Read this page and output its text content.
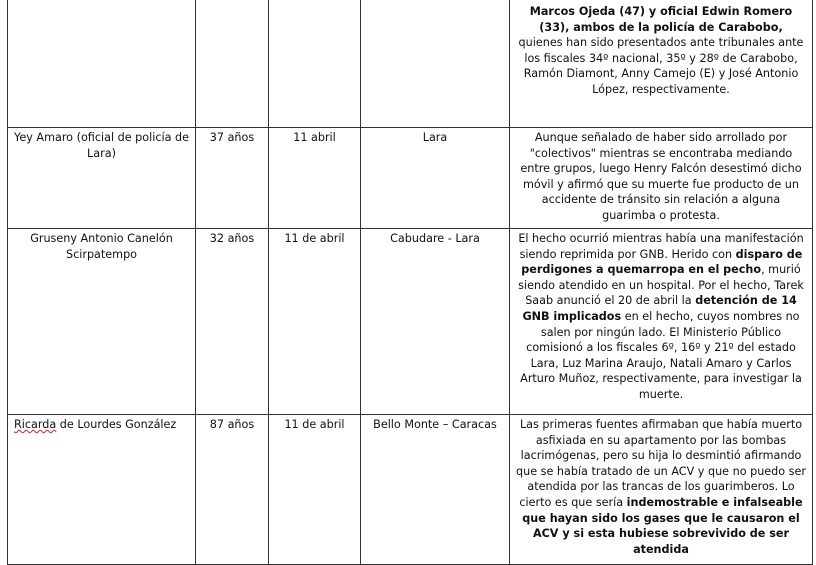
				Marcos Ojeda (47) y oficial Edwin Romero (33), ambos de la policía de Carabobo, quienes han sido presentados ante tribunales ante los fiscales 34º nacional, 35º y 28º de Carabobo, Ramón Diamont, Anny Camejo (E) y José Antonio López, respectivamente.
Yey Amaro (oficial de policía de Lara)	37 años	11 abril	Lara	Aunque señalado de haber sido arrollado por "colectivos" mientras se encontraba mediando entre grupos, luego Henry Falcón desestimó dicho móvil y afirmó que su muerte fue producto de un accidente de tránsito sin relación a alguna guarimba o protesta.
Gruseny Antonio Canelón Scirpatempo	32 años	11 de abril	Cabudare - Lara	El hecho ocurrió mientras había una manifestación siendo reprimida por GNB. Herido con disparo de perdigones a quemarropa en el pecho, murió siendo atendido en un hospital. Por el hecho, Tarek Saab anunció el 20 de abril la detención de 14 GNB implicados en el hecho, cuyos nombres no salen por ningún lado. El Ministerio Público comisionó a los fiscales 6º, 16º y 21º del estado Lara, Luz Marina Araujo, Natali Amaro y Carlos Arturo Muñoz, respectivamente, para investigar la muerte.
Ricarda de Lourdes González	87 años	11 de abril	Bello Monte – Caracas	Las primeras fuentes afirmaban que había muerto asfixiada en su apartamento por las bombas lacrimógenas, pero su hija lo desmintió afirmando que se había tratado de un ACV y que no puedo ser atendida por las trancas de los guarimberos. Lo cierto es que sería indemostrable e infalseable que hayan sido los gases que le causaron el ACV y si esta hubiese sobrevivido de ser atendida
